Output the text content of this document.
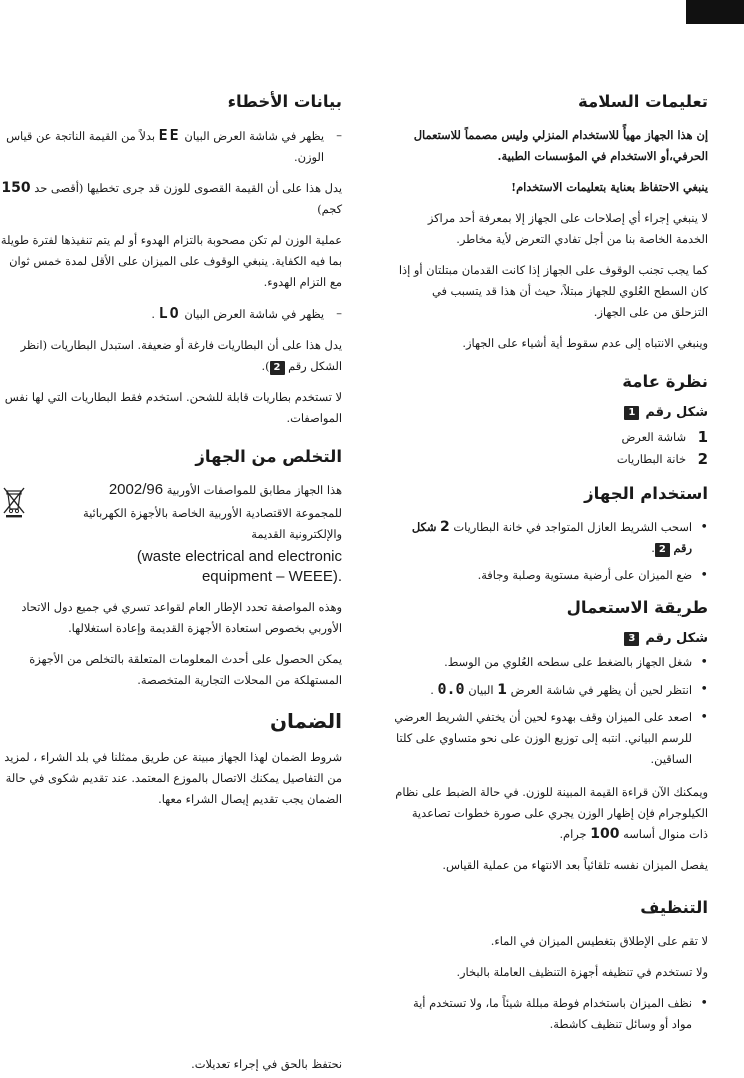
تعليمات السلامة

إن هذا الجهاز مهيأً للاستخدام المنزلي وليس مصمماً للاستعمال الحرفي،أو الاستخدام في المؤسسات الطبية.

ينبغي الاحتفاظ بعناية بتعليمات الاستخدام!

لا ينبغي إجراء أي إصلاحات على الجهاز إلا بمعرفة أحد مراكز الخدمة الخاصة بنا من أجل تفادي التعرض لأية مخاطر.

كما يجب تجنب الوقوف على الجهاز إذا كانت القدمان مبتلتان أو إذا كان السطح العُلوي للجهاز مبتلاً، حيث أن هذا قد يتسبب في التزحلق من على الجهاز.

وينبغي الانتباه إلى عدم سقوط أية أشياء على الجهاز.

نظرة عامة
شكل رقم
1
1
شاشة العرض
2
خانة البطاريات
استخدام الجهاز
• اسحب الشريط العازل المتواجد في خانة البطاريات 2 شكل رقم 2.
• ضع الميزان على أرضية مستوية وصلبة وجافة.
طريقة الاستعمال
شكل رقم
3
• شغل الجهاز بالضغط على سطحه العُلوي من الوسط.
• انتظر لحين أن يظهر في شاشة العرض 1 البيان 0.0 .
• اصعد على الميزان وقف بهدوء لحين أن يختفي الشريط العرضي للرسم البياني. انتبه إلى توزيع الوزن على نحو متساوي على كلتا الساقين.

ويمكنك الآن قراءة القيمة المبينة للوزن. في حالة الضبط على نظام الكيلوجرام فإن إظهار الوزن يجري على صورة خطوات تصاعدية ذات منوال أساسه 100 جرام.

يفصل الميزان نفسه تلقائياً بعد الانتهاء من عملية القياس.

التنظيف

لا تقم على الإطلاق بتغطيس الميزان في الماء.

ولا تستخدم في تنظيفه أجهزة التنظيف العاملة بالبخار.

• نظف الميزان باستخدام فوطة مبللة شيئاً ما، ولا تستخدم أية مواد أو وسائل تنظيف كاشطة.
بيانات الأخطاء

– يظهر في شاشة العرض البيان EE بدلاً من القيمة الناتجة عن قياس الوزن.

يدل هذا على أن القيمة القصوى للوزن قد جرى تخطيها (أقصى حد 150 كجم)

عملية الوزن لم تكن مصحوبة بالتزام الهدوء أو لم يتم تنفيذها لفترة طويلة بما فيه الكفاية. ينبغي الوقوف على الميزان على الأقل لمدة خمس ثوان مع التزام الهدوء.

– يظهر في شاشة العرض البيان LO .

يدل هذا على أن البطاريات فارغة أو ضعيفة. استبدل البطاريات (انظر الشكل رقم 2).

لا تستخدم بطاريات قابلة للشحن. استخدم فقط البطاريات التي لها نفس المواصفات.

التخلص من الجهاز

هذا الجهاز مطابق للمواصفات الأوربية 2002/96

للمجموعة الاقتصادية الأوربية الخاصة بالأجهزة الكهربائية والإلكترونية القديمة

(waste electrical and electronic
equipment – WEEE).

وهذه المواصفة تحدد الإطار العام لقواعد تسري في جميع دول الاتحاد الأوربي بخصوص استعادة الأجهزة القديمة وإعادة استغلالها.

يمكن الحصول على أحدث المعلومات المتعلقة بالتخلص من الأجهزة المستهلكة من المحلات التجارية المتخصصة.

الضمان

شروط الضمان لهذا الجهاز مبينة عن طريق ممثلنا في بلد الشراء ، لمزيد من التفاصيل يمكنك الاتصال بالموزع المعتمد. عند تقديم شكوى في حالة الضمان يجب تقديم إيصال الشراء معها.

نحتفظ بالحق في إجراء تعديلات.
